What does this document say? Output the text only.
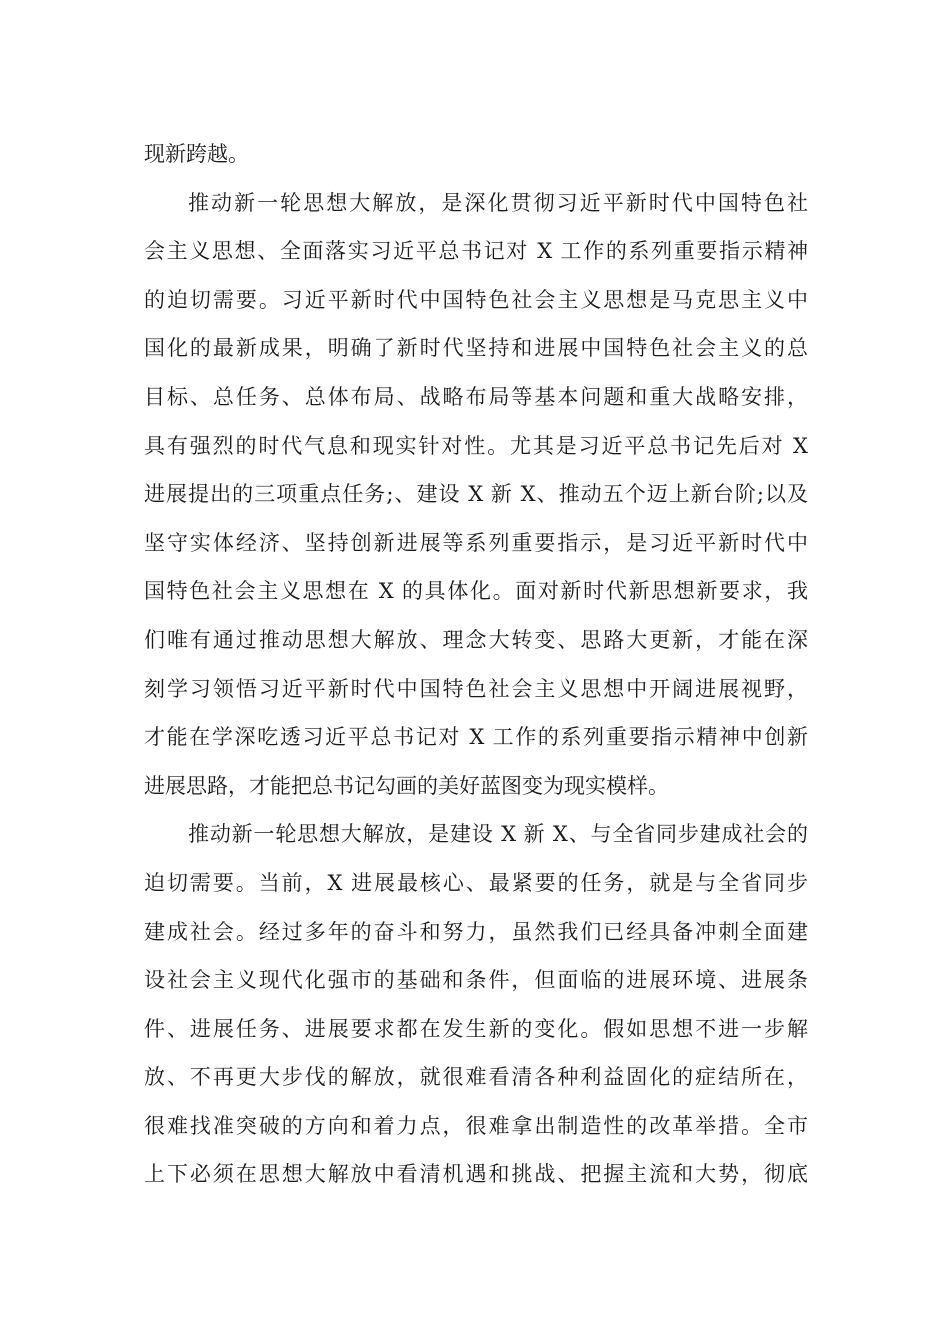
现新跨越。
推动新一轮思想大解放，是深化贯彻习近平新时代中国特色社
会主义思想、全面落实习近平总书记对 X 工作的系列重要指示精神
的迫切需要。习近平新时代中国特色社会主义思想是马克思主义中
国化的最新成果，明确了新时代坚持和进展中国特色社会主义的总
目标、总任务、总体布局、战略布局等基本问题和重大战略安排，
具有强烈的时代气息和现实针对性。尤其是习近平总书记先后对 X
进展提出的三项重点任务;、建设 X 新 X、推动五个迈上新台阶;以及
坚守实体经济、坚持创新进展等系列重要指示，是习近平新时代中
国特色社会主义思想在 X 的具体化。面对新时代新思想新要求，我
们唯有通过推动思想大解放、理念大转变、思路大更新，才能在深
刻学习领悟习近平新时代中国特色社会主义思想中开阔进展视野，
才能在学深吃透习近平总书记对 X 工作的系列重要指示精神中创新
进展思路，才能把总书记勾画的美好蓝图变为现实模样。
推动新一轮思想大解放，是建设 X 新 X、与全省同步建成社会的
迫切需要。当前，X 进展最核心、最紧要的任务，就是与全省同步
建成社会。经过多年的奋斗和努力，虽然我们已经具备冲刺全面建
设社会主义现代化强市的基础和条件，但面临的进展环境、进展条
件、进展任务、进展要求都在发生新的变化。假如思想不进一步解
放、不再更大步伐的解放，就很难看清各种利益固化的症结所在，
很难找准突破的方向和着力点，很难拿出制造性的改革举措。全市
上下必须在思想大解放中看清机遇和挑战、把握主流和大势，彻底
